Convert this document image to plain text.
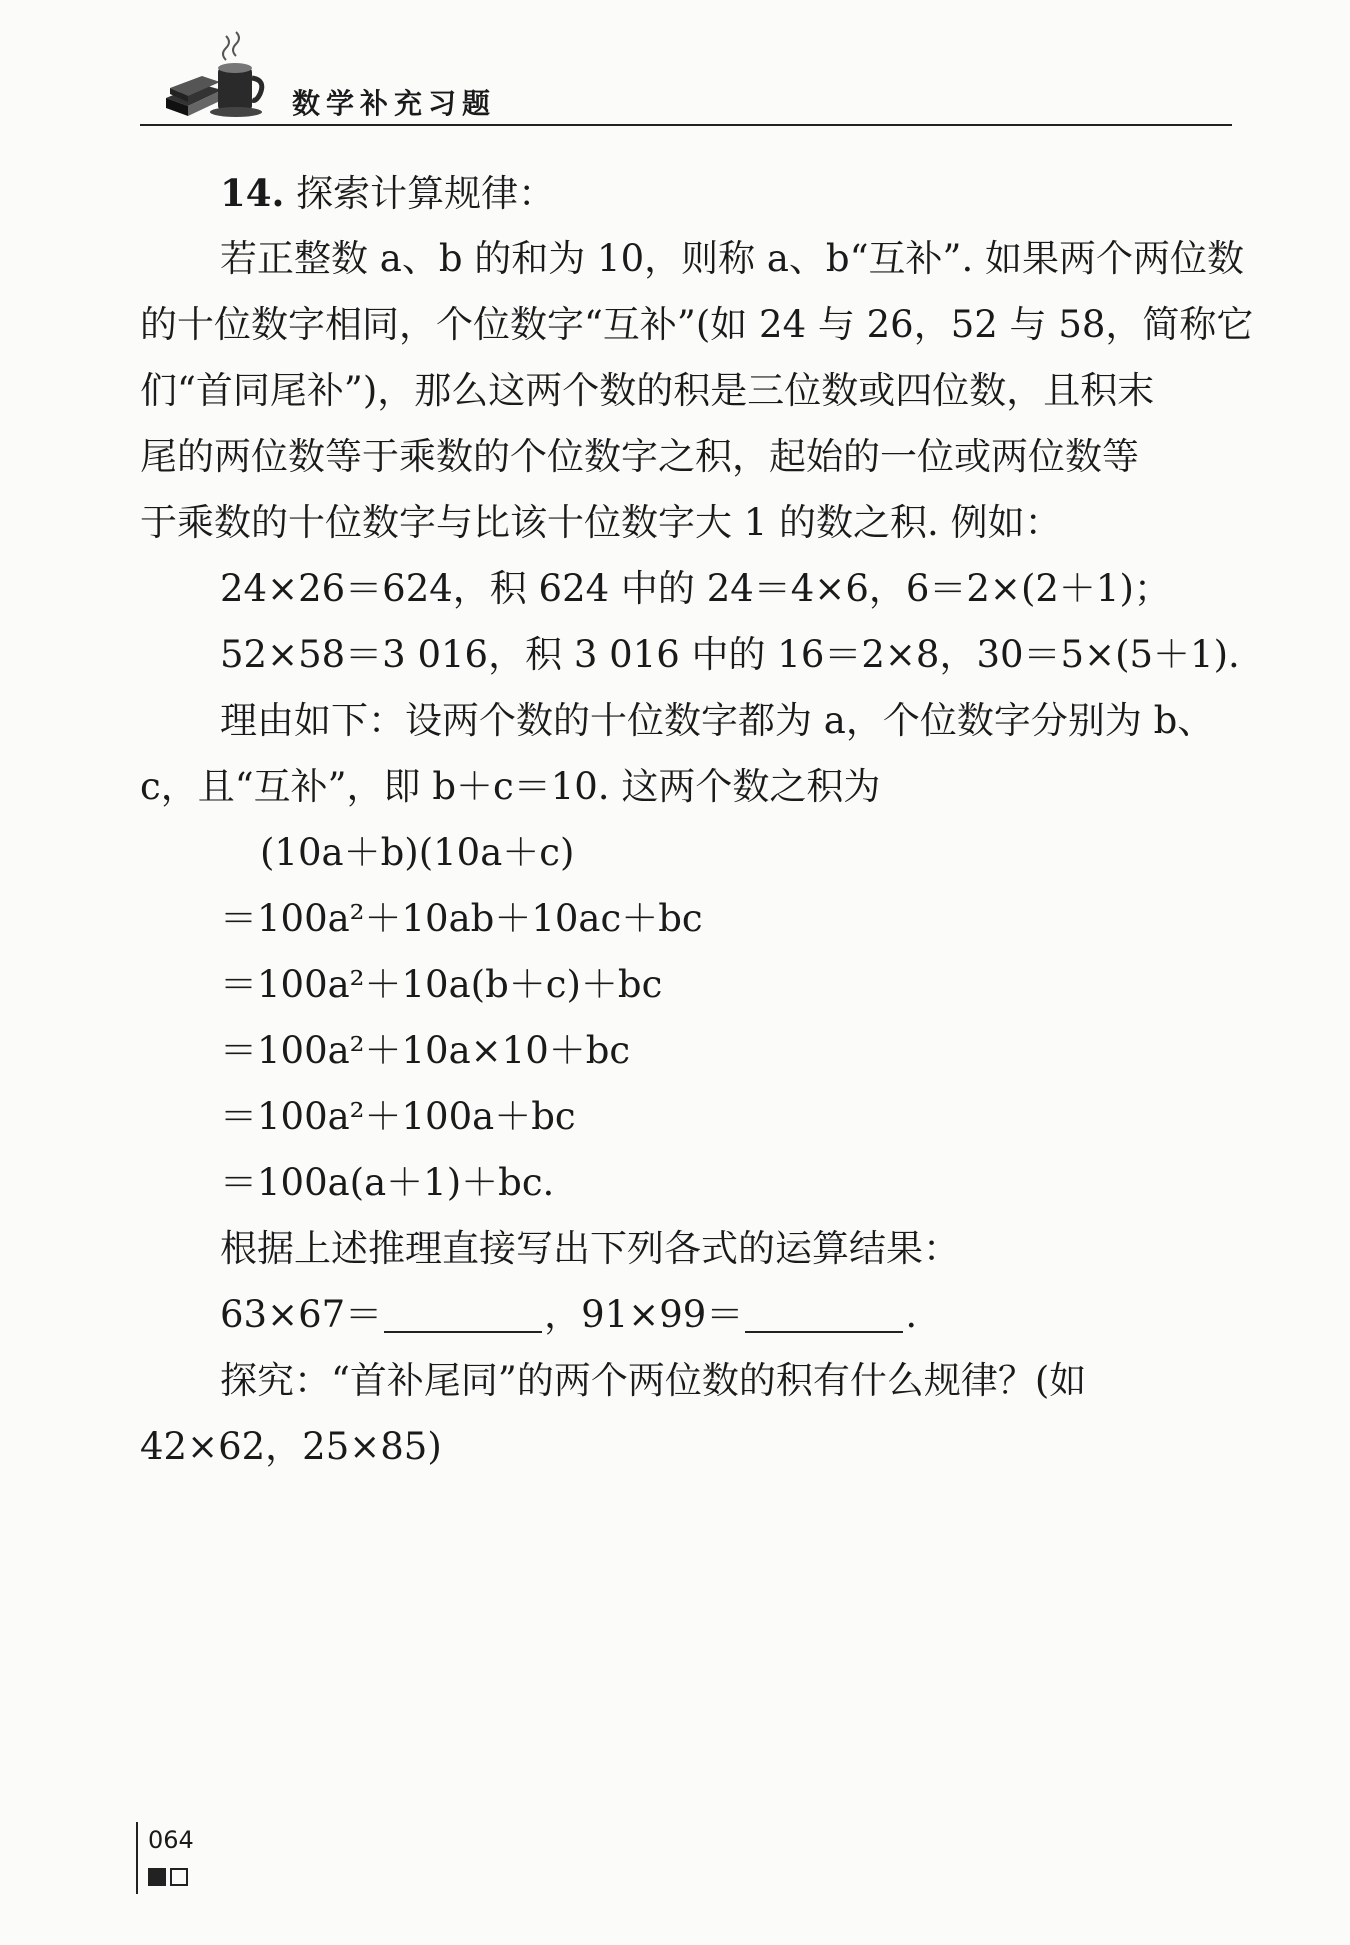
数学补充习题
14. 探索计算规律：
若正整数 a、b 的和为 10，则称 a、b“互补”. 如果两个两位数
的十位数字相同，个位数字“互补”(如 24 与 26，52 与 58，简称它
们“首同尾补”)，那么这两个数的积是三位数或四位数，且积末
尾的两位数等于乘数的个位数字之积，起始的一位或两位数等
于乘数的十位数字与比该十位数字大 1 的数之积. 例如：
24×26＝624，积 624 中的 24＝4×6，6＝2×(2＋1)；
52×58＝3 016，积 3 016 中的 16＝2×8，30＝5×(5＋1).
理由如下：设两个数的十位数字都为 a，个位数字分别为 b、
c，且“互补”，即 b＋c＝10. 这两个数之积为
(10a＋b)(10a＋c)
＝100a²＋10ab＋10ac＋bc
＝100a²＋10a(b＋c)＋bc
＝100a²＋10a×10＋bc
＝100a²＋100a＋bc
＝100a(a＋1)＋bc.
根据上述推理直接写出下列各式的运算结果：
63×67＝	，91×99＝	.
探究：“首补尾同”的两个两位数的积有什么规律？(如
42×62，25×85)
064
